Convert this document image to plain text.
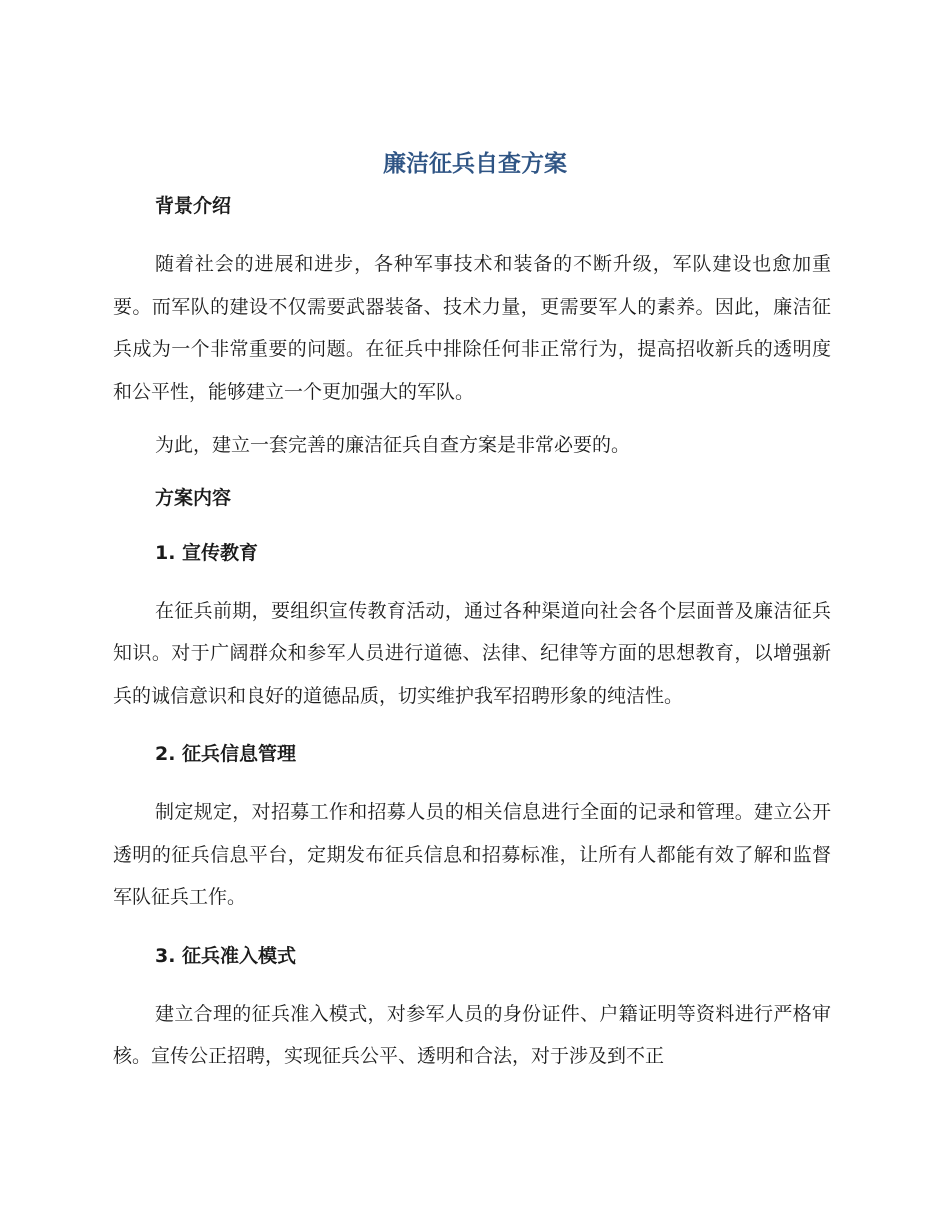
廉洁征兵自查方案

背景介绍

随着社会的进展和进步，各种军事技术和装备的不断升级，军队建设也愈加重要。而军队的建设不仅需要武器装备、技术力量，更需要军人的素养。因此，廉洁征兵成为一个非常重要的问题。在征兵中排除任何非正常行为，提高招收新兵的透明度和公平性，能够建立一个更加强大的军队。

为此，建立一套完善的廉洁征兵自查方案是非常必要的。

方案内容

1. 宣传教育

在征兵前期，要组织宣传教育活动，通过各种渠道向社会各个层面普及廉洁征兵知识。对于广阔群众和参军人员进行道德、法律、纪律等方面的思想教育，以增强新兵的诚信意识和良好的道德品质，切实维护我军招聘形象的纯洁性。

2. 征兵信息管理

制定规定，对招募工作和招募人员的相关信息进行全面的记录和管理。建立公开透明的征兵信息平台，定期发布征兵信息和招募标准，让所有人都能有效了解和监督军队征兵工作。

3. 征兵准入模式

建立合理的征兵准入模式，对参军人员的身份证件、户籍证明等资料进行严格审核。宣传公正招聘，实现征兵公平、透明和合法，对于涉及到不正
